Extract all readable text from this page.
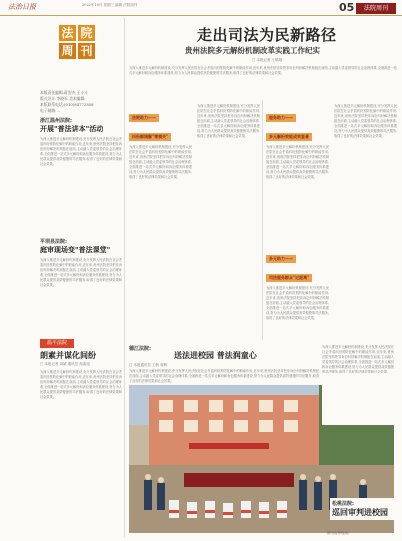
法治日报	2022年10月 星期三 编辑 法院周刊	05	法院周刊
法 院
周 刊
本版责任编辑:蒋安杰 王斗斗
版式设计:李晓军 美术编辑:
本版联系电话:(010)84772858
电子邮箱:...
浙江温州法院:
开展"普法讲本"活动
为深入推进多元解纷机制建设,充分发挥人民法院在社会矛盾纠纷预防化解中的职能作用,近年来,贵州法院坚持把非诉讼纠纷解决机制挺在前面,主动融入党委领导的社会治理体系,全面推进一站式多元解纷和诉讼服务体系建设,努力为人民群众提供高效便捷的司法服务,取得了良好的法律效果和社会效果。
平坝县法院:
庭审现场变"普法课堂"
为深入推进多元解纷机制建设,充分发挥人民法院在社会矛盾纠纷预防化解中的职能作用,近年来,贵州法院坚持把非诉讼纠纷解决机制挺在前面,主动融入党委领导的社会治理体系,全面推进一站式多元解纷和诉讼服务体系建设,努力为人民群众提供高效便捷的司法服务,取得了良好的法律效果和社会效果。
温平法院
朗素并谋化间纷
□ 本报记者 周斌 通讯员 倪嘉旭
为深入推进多元解纷机制建设,充分发挥人民法院在社会矛盾纠纷预防化解中的职能作用,近年来,贵州法院坚持把非诉讼纠纷解决机制挺在前面,主动融入党委领导的社会治理体系,全面推进一站式多元解纷和诉讼服务体系建设,努力为人民群众提供高效便捷的司法服务,取得了良好的法律效果和社会效果。
走出司法为民新路径
贵州法院多元解纷机制改革实践工作纪实
□ 本报记者 王鹤翔
为深入推进多元解纷机制建设,充分发挥人民法院在社会矛盾纠纷预防化解中的职能作用,近年来,贵州法院坚持把非诉讼纠纷解决机制挺在前面,主动融入党委领导的社会治理体系,全面推进一站式多元解纷和诉讼服务体系建设,努力为人民群众提供高效便捷的司法服务,取得了良好的法律效果和社会效果。
法院助力—— 纠纷群调解"零损失"
为深入推进多元解纷机制建设,充分发挥人民法院在社会矛盾纠纷预防化解中的职能作用,近年来,贵州法院坚持把非诉讼纠纷解决机制挺在前面,主动融入党委领导的社会治理体系,全面推进一站式多元解纷和诉讼服务体系建设,努力为人民群众提供高效便捷的司法服务,取得了良好的法律效果和社会效果。
为深入推进多元解纷机制建设,充分发挥人民法院在社会矛盾纠纷预防化解中的职能作用,近年来,贵州法院坚持把非诉讼纠纷解决机制挺在前面,主动融入党委领导的社会治理体系,全面推进一站式多元解纷和诉讼服务体系建设,努力为人民群众提供高效便捷的司法服务,取得了良好的法律效果和社会效果。
服务助力—— 多元解纷效能成效显著
为深入推进多元解纷机制建设,充分发挥人民法院在社会矛盾纠纷预防化解中的职能作用,近年来,贵州法院坚持把非诉讼纠纷解决机制挺在前面,主动融入党委领导的社会治理体系,全面推进一站式多元解纷和诉讼服务体系建设,努力为人民群众提供高效便捷的司法服务,取得了良好的法律效果和社会效果。
多元助力—— 司法服务群众"近距离"
为深入推进多元解纷机制建设,充分发挥人民法院在社会矛盾纠纷预防化解中的职能作用,近年来,贵州法院坚持把非诉讼纠纷解决机制挺在前面,主动融入党委领导的社会治理体系,全面推进一站式多元解纷和诉讼服务体系建设,努力为人民群众提供高效便捷的司法服务,取得了良好的法律效果和社会效果。
为深入推进多元解纷机制建设,充分发挥人民法院在社会矛盾纠纷预防化解中的职能作用,近年来,贵州法院坚持把非诉讼纠纷解决机制挺在前面,主动融入党委领导的社会治理体系,全面推进一站式多元解纷和诉讼服务体系建设,努力为人民群众提供高效便捷的司法服务,取得了良好的法律效果和社会效果。
德江法院:
送法进校园 普法润童心
□ 本报通讯员 王帆 蒋辉
为深入推进多元解纷机制建设,充分发挥人民法院在社会矛盾纠纷预防化解中的职能作用,近年来,贵州法院坚持把非诉讼纠纷解决机制挺在前面,主动融入党委领导的社会治理体系,全面推进一站式多元解纷和诉讼服务体系建设,努力为人民群众提供高效便捷的司法服务,取得了良好的法律效果和社会效果。
为深入推进多元解纷机制建设,充分发挥人民法院在社会矛盾纠纷预防化解中的职能作用,近年来,贵州法院坚持把非诉讼纠纷解决机制挺在前面,主动融入党委领导的社会治理体系,全面推进一站式多元解纷和诉讼服务体系建设,努力为人民群众提供高效便捷的司法服务,取得了良好的法律效果和社会效果。
松桃法院:
巡回审判进校园
图为庭审现场。
